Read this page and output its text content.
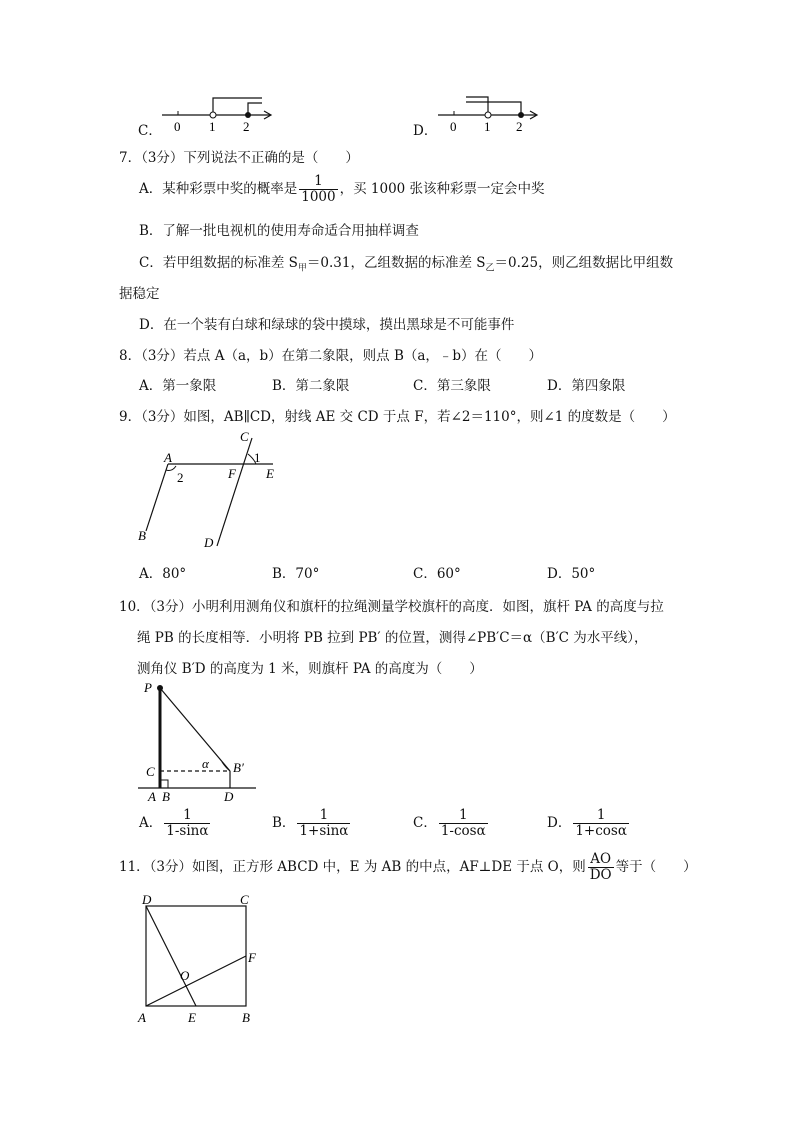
C． 0 1 2	D． 0 1 2
7．（3分）下列说法不正确的是（　　）
A．某种彩票中奖的概率是 $\frac{1}{1000}$ ，买 1000 张该种彩票一定会中奖
B．了解一批电视机的使用寿命适合用抽样调查
C．若甲组数据的标准差 $S_甲=0.31$，乙组数据的标准差 $S_乙=0.25$，则乙组数据比甲组数
据稳定
D．在一个装有白球和绿球的袋中摸球，摸出黑球是不可能事件
8．（3分）若点 A（a，b）在第二象限，则点 B（a，﹣b）在（　　）
A．第一象限	B．第二象限	C．第三象限	D．第四象限
9．（3分）如图，AB∥CD，射线 AE 交 CD 于点 F，若∠2＝110°，则∠1 的度数是（　　）
C
1
A
2	F E
B	D
A．80°	B．70°	C．60°	D．50°
10．（3分）小明利用测角仪和旗杆的拉绳测量学校旗杆的高度．如图，旗杆 PA 的高度与拉
绳 PB 的长度相等．小明将 PB 拉到 PB′ 的位置，测得∠PB′C＝α（B′C 为水平线），
测角仪 B′D 的高度为 1 米，则旗杆 PA 的高度为（　　）
P
α B′
C
A B	D
A． $\frac{1}{1-\sin\alpha}$	B． $\frac{1}{1+\sin\alpha}$	C． $\frac{1}{1-\cos\alpha}$	D． $\frac{1}{1+\cos\alpha}$
11．（3分）如图，正方形 ABCD 中，E 为 AB 的中点，AF⊥DE 于点 O，则 $\frac{AO}{DO}$ 等于（　　）
D	C
F
O
A	E	B
